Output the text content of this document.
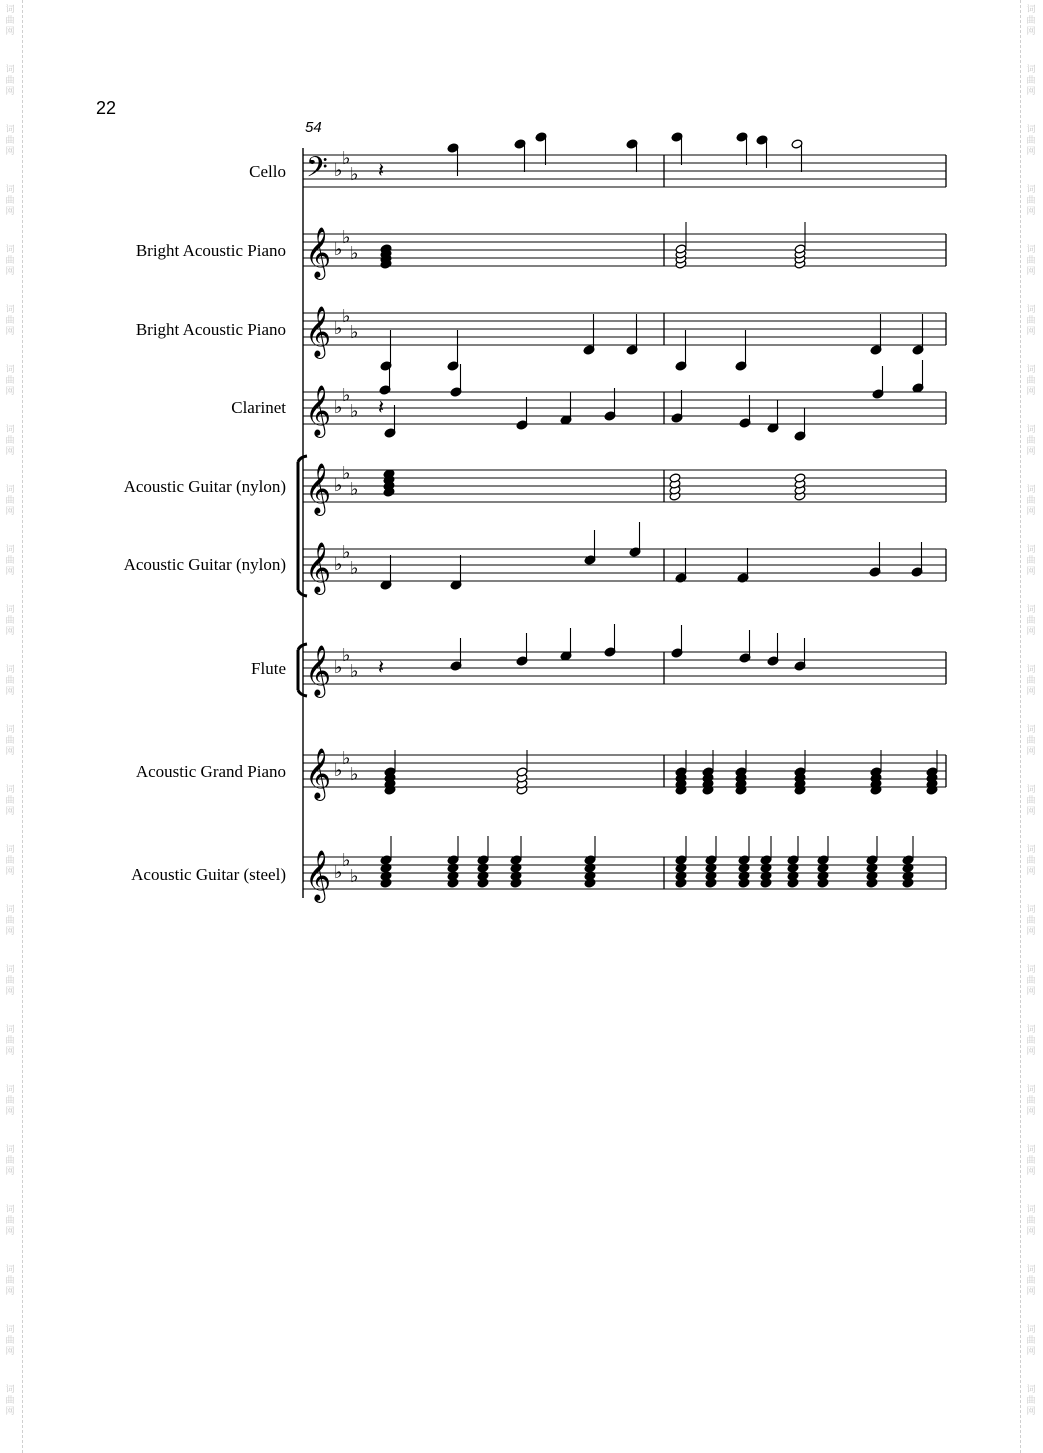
词
曲
网
词
曲
网
词
曲
网
词
曲
网
词
曲
网
词
曲
网
词
曲
网
词
曲
网
词
曲
网
词
曲
网
词
曲
网
词
曲
网
词
曲
网
词
曲
网
词
曲
网
词
曲
网
词
曲
网
词
曲
网
词
曲
网
词
曲
网
词
曲
网
词
曲
网
词
曲
网
词
曲
网
词
曲
网
词
曲
网
词
曲
网
词
曲
网
词
曲
网
词
曲
网
词
曲
网
词
曲
网
词
曲
网
词
曲
网
词
曲
网
词
曲
网
词
曲
网
词
曲
网
词
曲
网
词
曲
网
词
曲
网
词
曲
网
词
曲
网
词
曲
网
词
曲
网
词
曲
网
词
曲
网
词
曲
网
22
54
Cello
Bright Acoustic Piano
Bright Acoustic Piano
Clarinet
Acoustic Guitar (nylon)
Acoustic Guitar (nylon)
Flute
Acoustic Grand Piano
Acoustic Guitar (steel)
𝄢 ♭
♭
♭
𝄞 ♭
♭
♭
𝄞 ♭
♭
♭
𝄞 ♭
♭
♭
𝄞 ♭
♭
♭
𝄞 ♭
♭
♭
𝄞 ♭
♭
♭
𝄞 ♭
♭
♭
𝄞 ♭
♭
♭
𝄽
𝄽
𝄽
